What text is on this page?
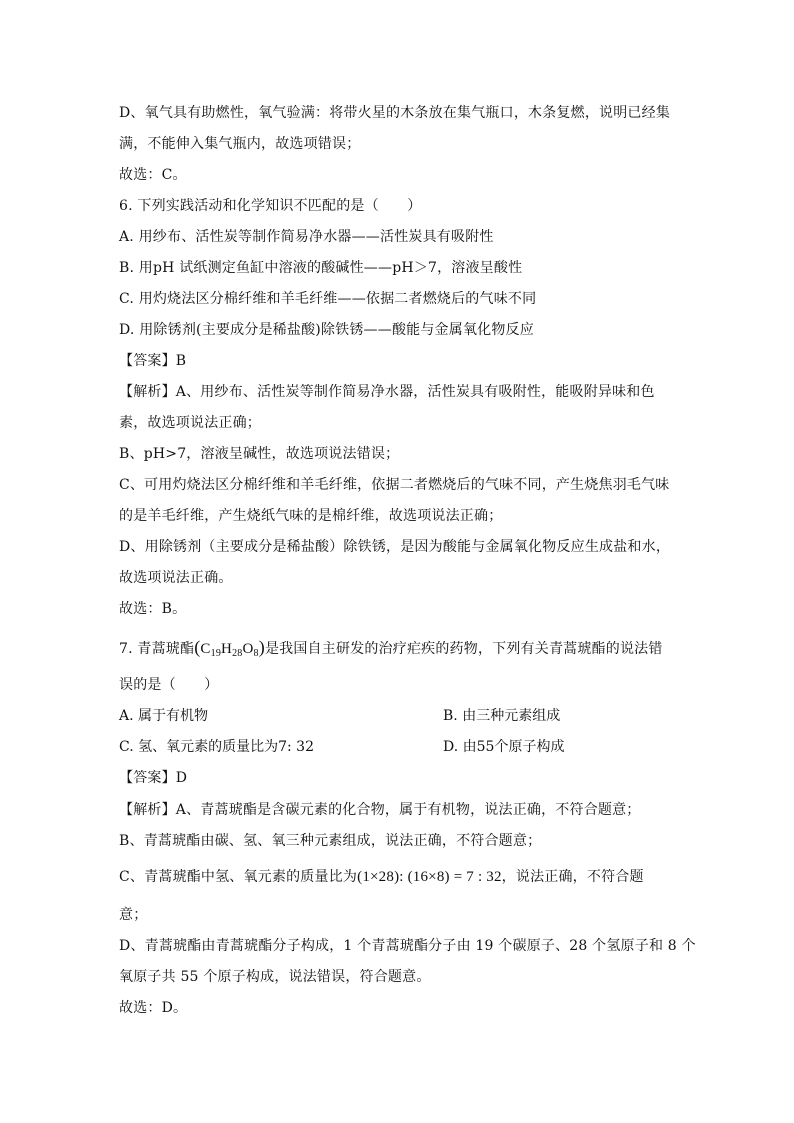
D、氧气具有助燃性，氧气验满：将带火星的木条放在集气瓶口，木条复燃，说明已经集
满，不能伸入集气瓶内，故选项错误；
故选：C。
6. 下列实践活动和化学知识不匹配的是（　　）
A. 用纱布、活性炭等制作简易净水器——活性炭具有吸附性
B. 用pH 试纸测定鱼缸中溶液的酸碱性——pH＞7，溶液呈酸性
C. 用灼烧法区分棉纤维和羊毛纤维——依据二者燃烧后的气味不同
D. 用除锈剂(主要成分是稀盐酸)除铁锈——酸能与金属氧化物反应
【答案】B
【解析】A、用纱布、活性炭等制作简易净水器，活性炭具有吸附性，能吸附异味和色
素，故选项说法正确；
B、pH>7，溶液呈碱性，故选项说法错误；
C、可用灼烧法区分棉纤维和羊毛纤维，依据二者燃烧后的气味不同，产生烧焦羽毛气味
的是羊毛纤维，产生烧纸气味的是棉纤维，故选项说法正确；
D、用除锈剂（主要成分是稀盐酸）除铁锈，是因为酸能与金属氧化物反应生成盐和水，
故选项说法正确。
故选：B。
7. 青蒿琥酯$(C_{19}H_{28}O_8)$是我国自主研发的治疗疟疾的药物，下列有关青蒿琥酯的说法错
误的是（　　）
A. 属于有机物	B. 由三种元素组成
C. 氢、氧元素的质量比为7: 32	D. 由55个原子构成
【答案】D
【解析】A、青蒿琥酯是含碳元素的化合物，属于有机物，说法正确，不符合题意；
B、青蒿琥酯由碳、氢、氧三种元素组成，说法正确，不符合题意；
C、青蒿琥酯中氢、氧元素的质量比为(1×28): (16×8) = 7 : 32，说法正确，不符合题
意；
D、青蒿琥酯由青蒿琥酯分子构成，1 个青蒿琥酯分子由 19 个碳原子、28 个氢原子和 8 个
氧原子共 55 个原子构成，说法错误，符合题意。
故选：D。
